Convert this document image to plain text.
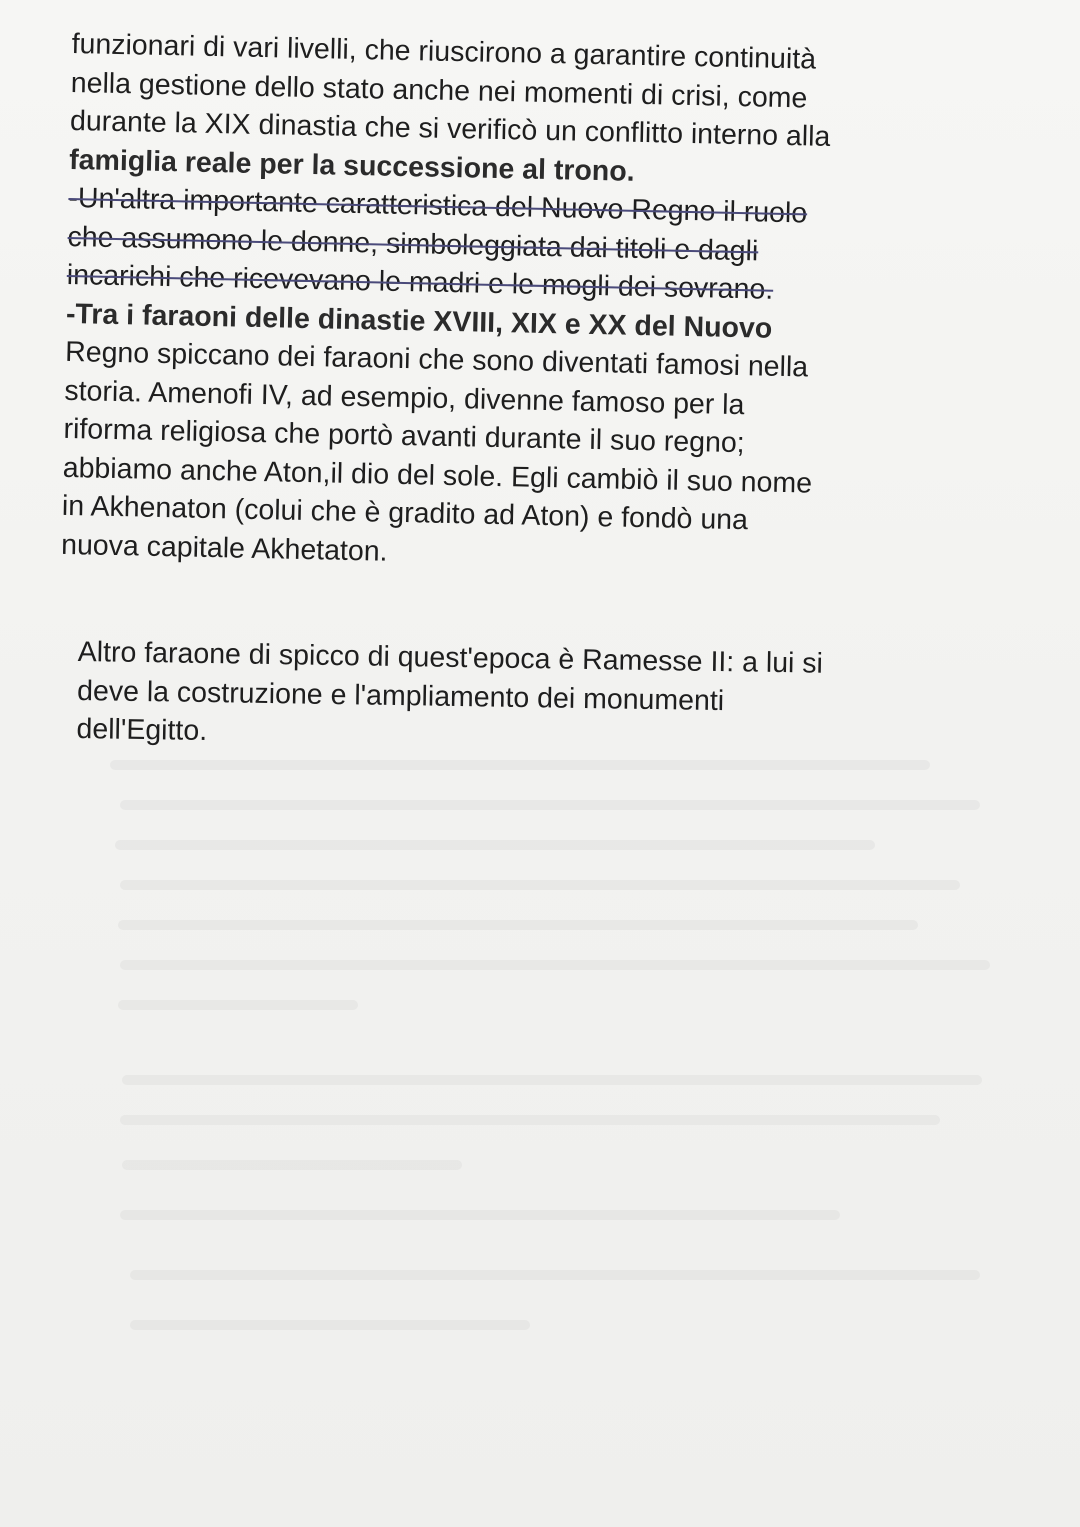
funzionari di vari livelli, che riuscirono a garantire continuità
nella gestione dello stato anche nei momenti di crisi, come
durante la XIX dinastia che si verificò un conflitto interno alla
famiglia reale per la successione al trono.
-Un'altra importante caratteristica del Nuovo Regno il ruolo
che assumono le donne, simboleggiata dai titoli e dagli
incarichi che ricevevano le madri e le mogli dei sovrano.
-Tra i faraoni delle dinastie XVIII, XIX e XX del Nuovo
Regno spiccano dei faraoni che sono diventati famosi nella
storia. Amenofi IV, ad esempio, divenne famoso per la
riforma religiosa che portò avanti durante il suo regno;
abbiamo anche Aton,il dio del sole. Egli cambiò il suo nome
in Akhenaton (colui che è gradito ad Aton) e fondò una
nuova capitale Akhetaton.
Altro faraone di spicco di quest'epoca è Ramesse II: a lui si
deve la costruzione e l'ampliamento dei monumenti
dell'Egitto.
